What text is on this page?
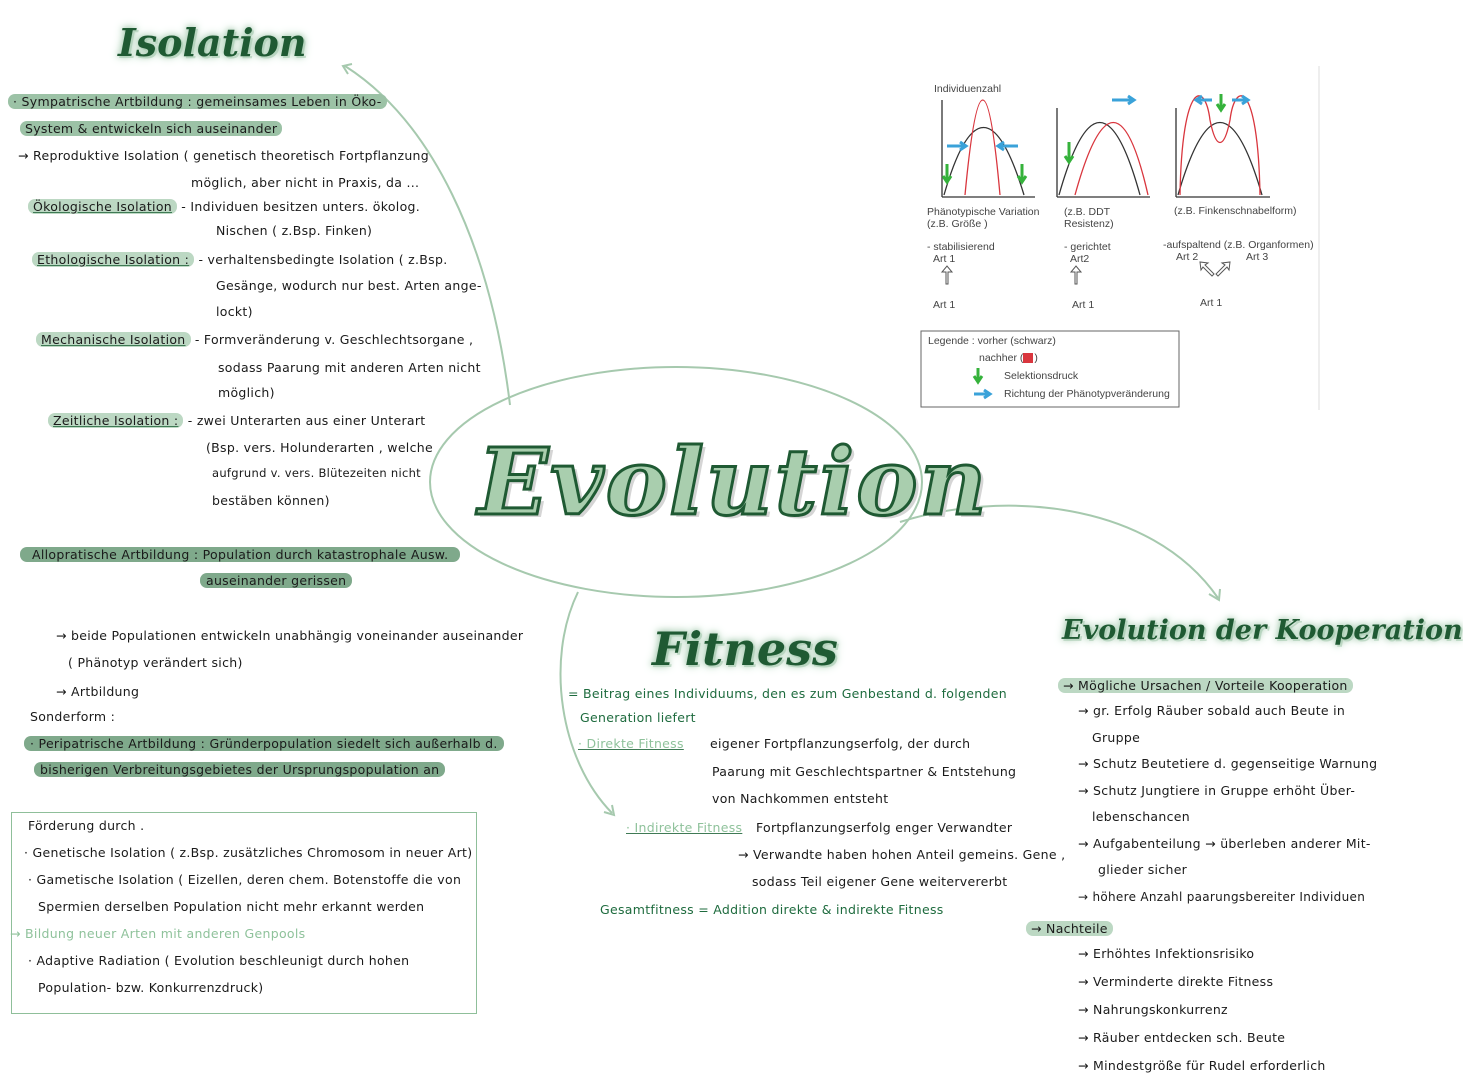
Evolution
Isolation
· Sympatrische Artbildung : gemeinsames Leben in Öko-
System & entwickeln sich auseinander
→ Reproduktive Isolation ( genetisch theoretisch Fortpflanzung
möglich, aber nicht in Praxis, da ...
Ökologische Isolation - Individuen besitzen unters. ökolog.
Nischen ( z.Bsp. Finken)
Ethologische Isolation : - verhaltensbedingte Isolation ( z.Bsp.
Gesänge, wodurch nur best. Arten ange-
lockt)
Mechanische Isolation - Formveränderung v. Geschlechtsorgane ,
sodass Paarung mit anderen Arten nicht
möglich)
Zeitliche Isolation : - zwei Unterarten aus einer Unterart
(Bsp. vers. Holunderarten , welche
aufgrund v. vers. Blütezeiten nicht
bestäben können)
Allopratische Artbildung : Population durch katastrophale Ausw.
auseinander gerissen
→ beide Populationen entwickeln unabhängig voneinander auseinander
( Phänotyp verändert sich)
→ Artbildung
Sonderform :
· Peripatrische Artbildung : Gründerpopulation siedelt sich außerhalb d.
bisherigen Verbreitungsgebietes der Ursprungspopulation an
Förderung durch .
· Genetische Isolation ( z.Bsp. zusätzliches Chromosom in neuer Art)
· Gametische Isolation ( Eizellen, deren chem. Botenstoffe die von
Spermien derselben Population nicht mehr erkannt werden
→ Bildung neuer Arten mit anderen Genpools
· Adaptive Radiation ( Evolution beschleunigt durch hohen
Population- bzw. Konkurrenzdruck)
Fitness
= Beitrag eines Individuums, den es zum Genbestand d. folgenden
Generation liefert
· Direkte Fitness eigener Fortpflanzungserfolg, der durch
Paarung mit Geschlechtspartner & Entstehung
von Nachkommen entsteht
· Indirekte Fitness Fortpflanzungserfolg enger Verwandter
→ Verwandte haben hohen Anteil gemeins. Gene ,
sodass Teil eigener Gene weitervererbt
Gesamtfitness = Addition direkte & indirekte Fitness
Evolution der Kooperation
→ Mögliche Ursachen / Vorteile Kooperation
→ gr. Erfolg Räuber sobald auch Beute in
Gruppe
→ Schutz Beutetiere d. gegenseitige Warnung
→ Schutz Jungtiere in Gruppe erhöht Über-
lebenschancen
→ Aufgabenteilung → überleben anderer Mit-
glieder sicher
→ höhere Anzahl paarungsbereiter Individuen
→ Nachteile
→ Erhöhtes Infektionsrisiko
→ Verminderte direkte Fitness
→ Nahrungskonkurrenz
→ Räuber entdecken sch. Beute
→ Mindestgröße für Rudel erforderlich
Individuenzahl
Phänotypische Variation
(z.B. Größe )
- stabilisierend
Art 1
Art 1
(z.B. DDT
Resistenz)
- gerichtet
Art2
Art 1
(z.B. Finkenschnabelform)
-aufspaltend (z.B. Organformen)
Art 2	Art 3
Art 1
Legende : vorher (schwarz)
nachher (rot )
Selektionsdruck
Richtung der Phänotypveränderung
